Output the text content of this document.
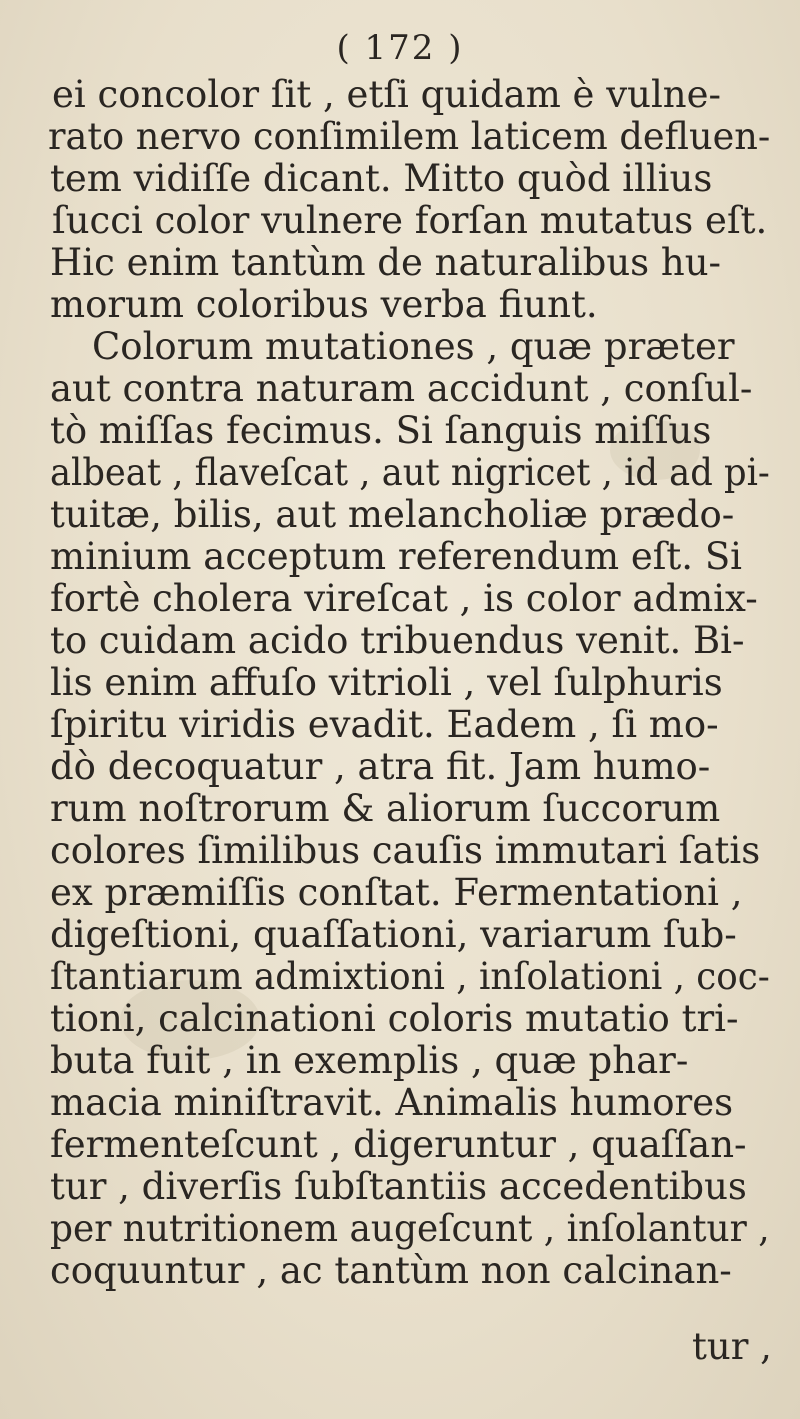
( 172 )
ei concolor ſit , etſi quidam è vulne-
rato nervo conſimilem laticem defluen-
tem vidiſſe dicant. Mitto quòd illius
ſucci color vulnere forſan mutatus eſt.
Hic enim tantùm de naturalibus hu-
morum coloribus verba fiunt.
Colorum mutationes , quæ præter
aut contra naturam accidunt , conſul-
tò miſſas fecimus. Si ſanguis miſſus
albeat , flaveſcat , aut nigricet , id ad pi-
tuitæ, bilis, aut melancholiæ prædo-
minium acceptum referendum eſt. Si
fortè cholera vireſcat , is color admix-
to cuidam acido tribuendus venit. Bi-
lis enim affuſo vitrioli , vel ſulphuris
ſpiritu viridis evadit. Eadem , ſi mo-
dò decoquatur , atra fit. Jam humo-
rum noſtrorum & aliorum ſuccorum
colores ſimilibus cauſis immutari ſatis
ex præmiſſis conſtat. Fermentationi ,
digeſtioni, quaſſationi, variarum ſub-
ſtantiarum admixtioni , inſolationi , coc-
tioni, calcinationi coloris mutatio tri-
buta fuit , in exemplis , quæ phar-
macia miniſtravit. Animalis humores
fermenteſcunt , digeruntur , quaſſan-
tur , diverſis ſubſtantiis accedentibus
per nutritionem augeſcunt , inſolantur ,
coquuntur , ac tantùm non calcinan-
tur ,
